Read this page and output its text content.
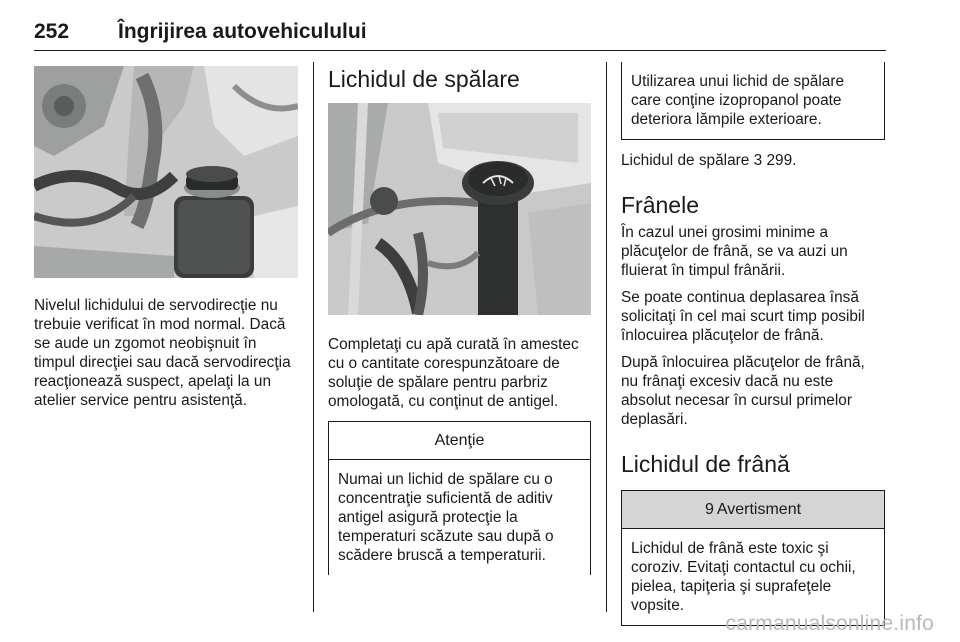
252 Îngrijirea autovehiculului

Nivelul lichidului de servodirecţie nu trebuie verificat în mod normal. Dacă se aude un zgomot neobişnuit în timpul direcţiei sau dacă servodirecţia reacţionează suspect, apelaţi la un atelier service pentru asistenţă.

Lichidul de spălare

Completaţi cu apă curată în amestec cu o cantitate corespunzătoare de soluţie de spălare pentru parbriz omologată, cu conţinut de antigel.

Atenţie
Numai un lichid de spălare cu o concentraţie suficientă de aditiv antigel asigură protecţie la temperaturi scăzute sau după o scădere bruscă a temperaturii.
Utilizarea unui lichid de spălare care conţine izopropanol poate deteriora lămpile exterioare.

Lichidul de spălare 3 299.

Frânele

În cazul unei grosimi minime a plăcuţelor de frână, se va auzi un fluierat în timpul frânării.

Se poate continua deplasarea însă solicitaţi în cel mai scurt timp posibil înlocuirea plăcuţelor de frână.

După înlocuirea plăcuţelor de frână, nu frânaţi excesiv dacă nu este absolut necesar în cursul primelor deplasări.

Lichidul de frână
9 Avertisment
Lichidul de frână este toxic şi coroziv. Evitaţi contactul cu ochii, pielea, tapiţeria şi suprafeţele vopsite.
carmanualsonline.info
